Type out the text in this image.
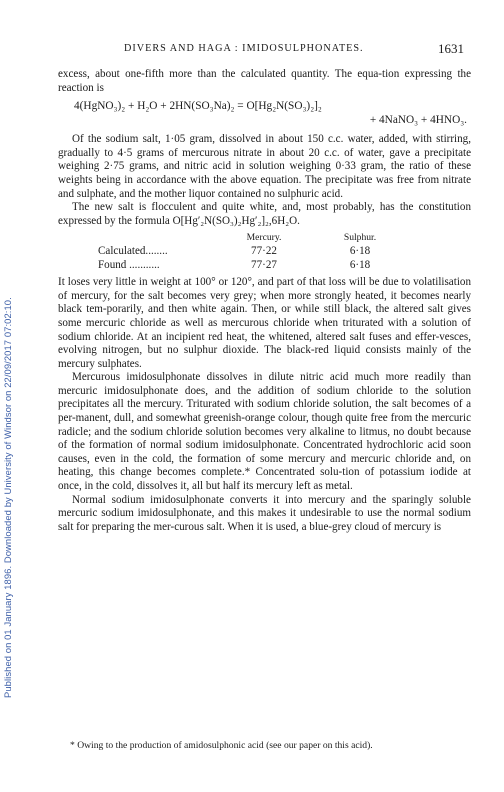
Published on 01 January 1896. Downloaded by University of Windsor on 22/09/2017 07:02:10.
DIVERS AND HAGA : IMIDOSULPHONATES.	1631

excess, about one-fifth more than the calculated quantity. The equa-tion expressing the reaction is

4(HgNO₃)₂ + H₂O + 2HN(SO₃Na)₂ = O[Hg₂N(SO₃)₂]₂
+ 4NaNO₃ + 4HNO₃.

Of the sodium salt, 1·05 gram, dissolved in about 150 c.c. water, added, with stirring, gradually to 4·5 grams of mercurous nitrate in about 20 c.c. of water, gave a precipitate weighing 2·75 grams, and nitric acid in solution weighing 0·33 gram, the ratio of these weights being in accordance with the above equation. The precipitate was free from nitrate and sulphate, and the mother liquor contained no sulphuric acid.

The new salt is flocculent and quite white, and, most probably, has the constitution expressed by the formula O[Hg′₂N(SO₃)₂Hg′₂]₂,6H₂O.

Mercury.	Sulphur.
Calculated........	77·22	6·18
Found ...........	77·27	6·18

It loses very little in weight at 100° or 120°, and part of that loss will be due to volatilisation of mercury, for the salt becomes very grey; when more strongly heated, it becomes nearly black tem-porarily, and then white again. Then, or while still black, the altered salt gives some mercuric chloride as well as mercurous chloride when triturated with a solution of sodium chloride. At an incipient red heat, the whitened, altered salt fuses and effer-vesces, evolving nitrogen, but no sulphur dioxide. The black-red liquid consists mainly of the mercury sulphates.

Mercurous imidosulphonate dissolves in dilute nitric acid much more readily than mercuric imidosulphonate does, and the addition of sodium chloride to the solution precipitates all the mercury. Triturated with sodium chloride solution, the salt becomes of a per-manent, dull, and somewhat greenish-orange colour, though quite free from the mercuric radicle; and the sodium chloride solution becomes very alkaline to litmus, no doubt because of the formation of normal sodium imidosulphonate. Concentrated hydrochloric acid soon causes, even in the cold, the formation of some mercury and mercuric chloride and, on heating, this change becomes complete.* Concentrated solu-tion of potassium iodide at once, in the cold, dissolves it, all but half its mercury left as metal.

Normal sodium imidosulphonate converts it into mercury and the sparingly soluble mercuric sodium imidosulphonate, and this makes it undesirable to use the normal sodium salt for preparing the mer-curous salt. When it is used, a blue-grey cloud of mercury is

* Owing to the production of amidosulphonic acid (see our paper on this acid).
